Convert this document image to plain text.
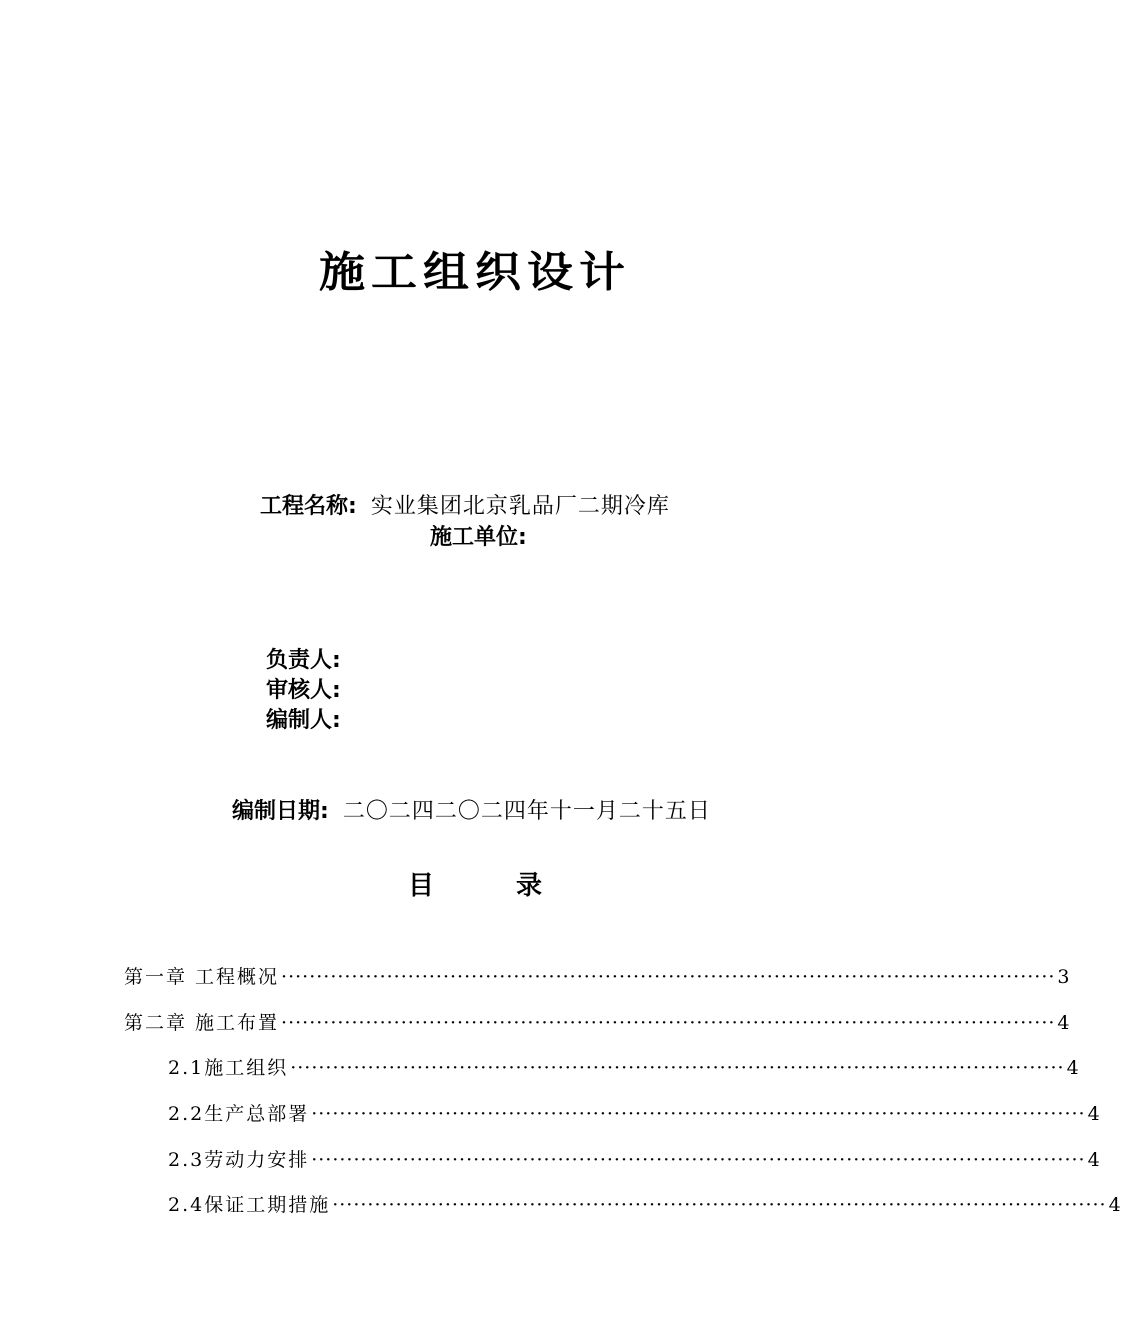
施工组织设计
工程名称: 实业集团北京乳品厂二期冷库
施工单位:
负责人:
审核人:
编制人:
编制日期: 二〇二四二〇二四年十一月二十五日
目	录
第一章 工程概况 ·············································································································· 3
第二章 施工布置 ·············································································································· 4
2.1施工组织 ·············································································································· 4
2.2生产总部署 ·············································································································· 4
2.3劳动力安排 ·············································································································· 4
2.4保证工期措施 ·············································································································· 4
